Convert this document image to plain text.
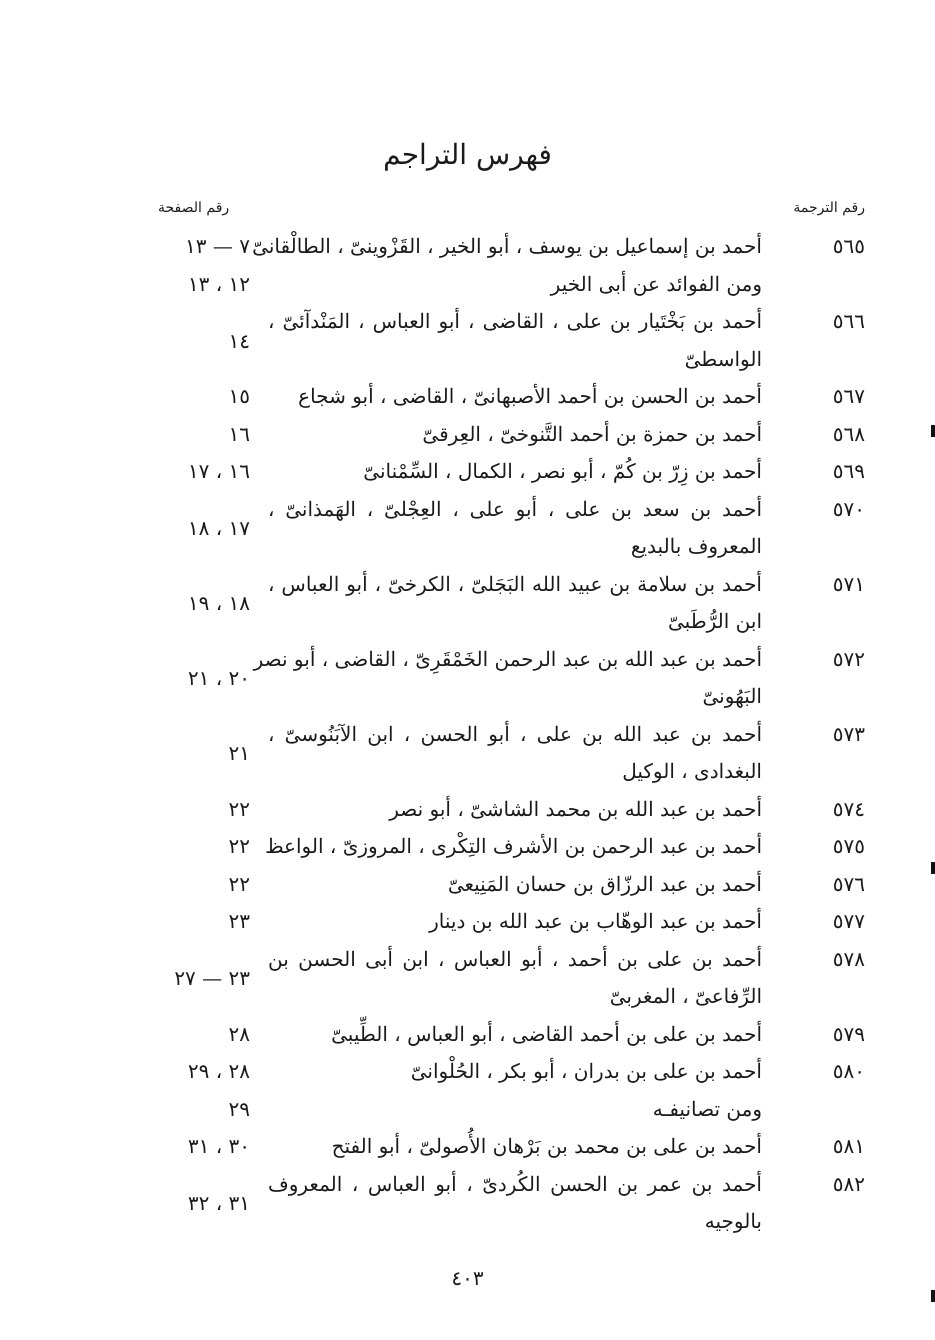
فهرس التراجم
رقم الترجمة
رقم الصفحة
٥٦٥
أحمد بن إسماعيل بن يوسف ، أبو الخير ، القَزْوينىّ ، الطالْقانىّ
٧ — ١٣
ومن الفوائد عن أبى الخير
١٢ ، ١٣
٥٦٦
أحمد بن بَخْتَيار بن على ، القاضى ، أبو العباس ، المَنْدآئىّ ،
الواسطىّ
١٤
٥٦٧
أحمد بن الحسن بن أحمد الأصبهانىّ ، القاضى ، أبو شجاع
١٥
٥٦٨
أحمد بن حمزة بن أحمد التَّنوخىّ ، العِرقىّ
١٦
٥٦٩
أحمد بن زِرّ بن كُمّ ، أبو نصر ، الكمال ، السِّمْنانىّ
١٦ ، ١٧
٥٧٠
أحمد بن سعد بن على ، أبو على ، العِجْلىّ ، الهَمذانىّ ،
المعروف بالبديع
١٧ ، ١٨
٥٧١
أحمد بن سلامة بن عبيد الله البَجَلىّ ، الكرخىّ ، أبو العباس ،
ابن الرُّطَبىّ
١٨ ، ١٩
٥٧٢
أحمد بن عبد الله بن عبد الرحمن الخَمْقَرِىّ ، القاضى ، أبو نصر
البَهُونىّ
٢٠ ، ٢١
٥٧٣
أحمد بن عبد الله بن على ، أبو الحسن ، ابن الآبَنُوسىّ ،
البغدادى ، الوكيل
٢١
٥٧٤
أحمد بن عبد الله بن محمد الشاشىّ ، أبو نصر
٢٢
٥٧٥
أحمد بن عبد الرحمن بن الأشرف التِكْرى ، المروزىّ ، الواعظ
٢٢
٥٧٦
أحمد بن عبد الرزّاق بن حسان المَنِيعىّ
٢٢
٥٧٧
أحمد بن عبد الوهّاب بن عبد الله بن دينار
٢٣
٥٧٨
أحمد بن على بن أحمد ، أبو العباس ، ابن أبى الحسن بن
الرِّفاعىّ ، المغربىّ
٢٣ — ٢٧
٥٧٩
أحمد بن على بن أحمد القاضى ، أبو العباس ، الطِّيبىّ
٢٨
٥٨٠
أحمد بن على بن بدران ، أبو بكر ، الحُلْوانىّ
٢٨ ، ٢٩
ومن تصانيفـه
٢٩
٥٨١
أحمد بن على بن محمد بن بَرْهان الأُصولىّ ، أبو الفتح
٣٠ ، ٣١
٥٨٢
أحمد بن عمر بن الحسن الكُردىّ ، أبو العباس ، المعروف
بالوجيه
٣١ ، ٣٢
٤٠٣
